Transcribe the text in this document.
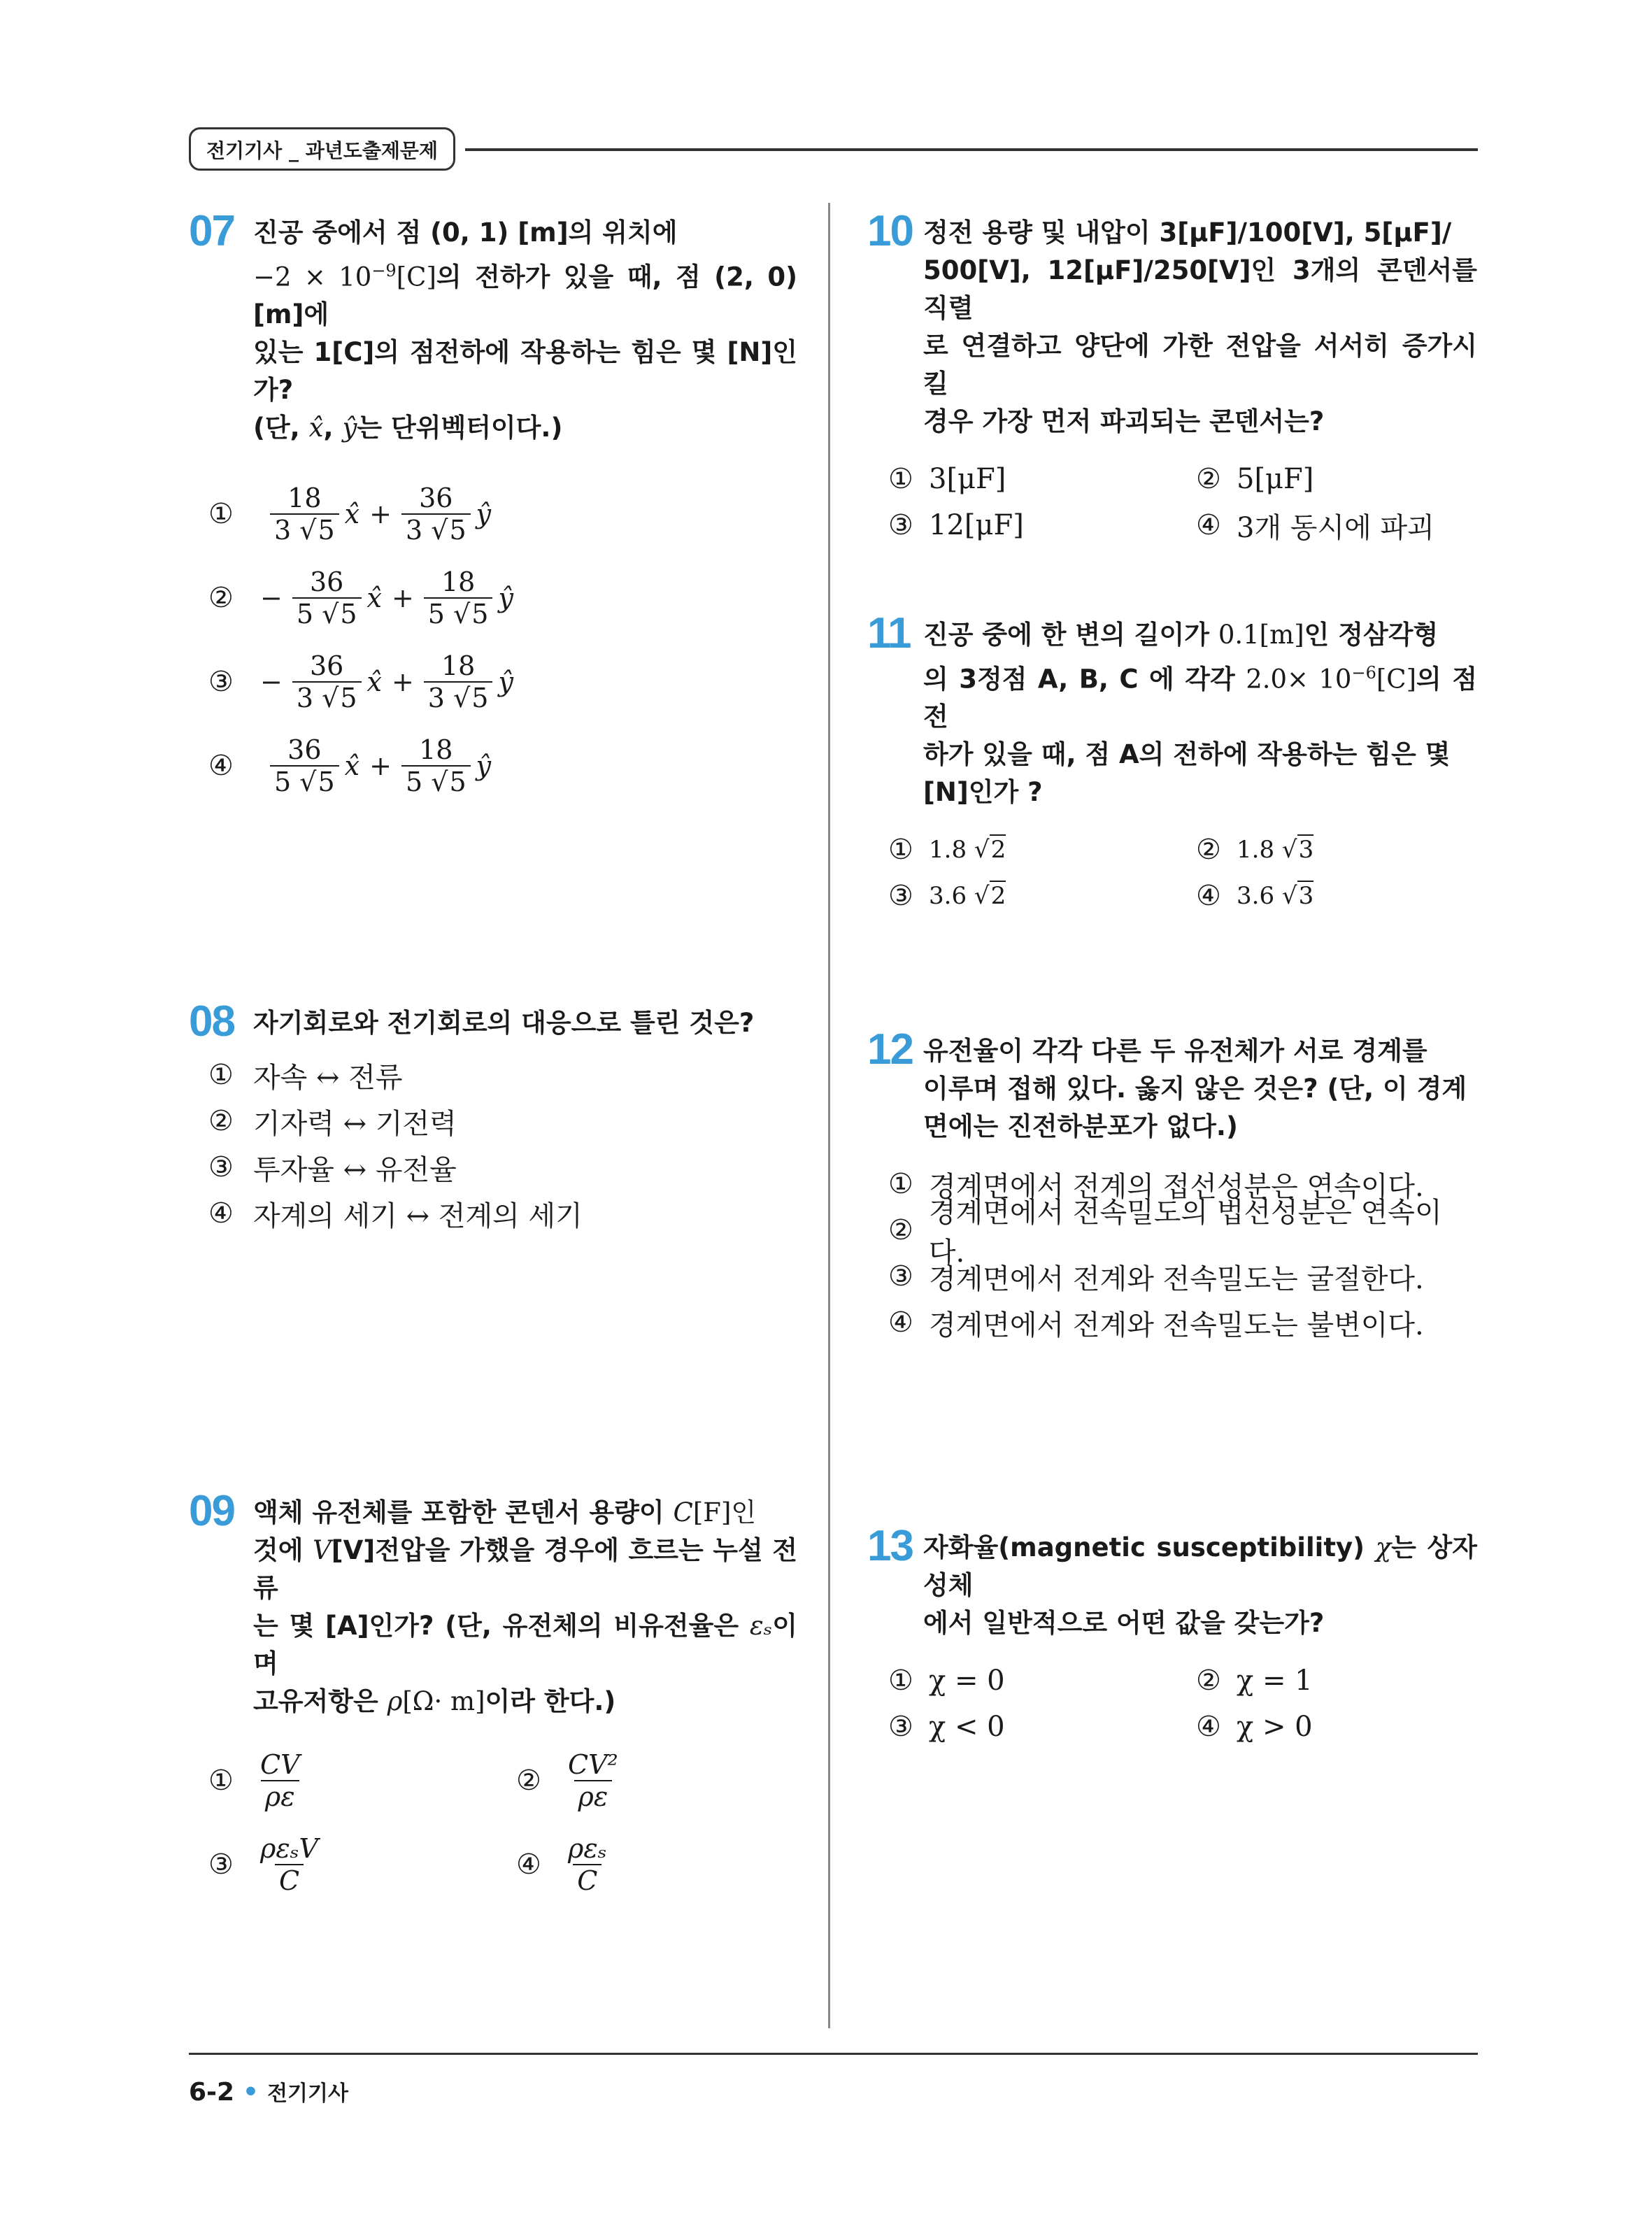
전기기사 _ 과년도출제문제
07 진공 중에서 점 (0, 1) [m]의 위치에
$-2 \times 10^{-9}[C]$의 전하가 있을 때, 점 (2, 0) [m]에
있는 1[C]의 점전하에 작용하는 힘은 몇 [N]인가?
(단, x̂, ŷ는 단위벡터이다.)
①	$\frac{18}{3 √5}$ x̂ + $\frac{36}{3 √5}$ ŷ
②	− $\frac{36}{5 √5}$ x̂ + $\frac{18}{5 √5}$ ŷ
③	− $\frac{36}{3 √5}$ x̂ + $\frac{18}{3 √5}$ ŷ
④	$\frac{36}{5 √5}$ x̂ + $\frac{18}{5 √5}$ ŷ
08 자기회로와 전기회로의 대응으로 틀린 것은?
① 자속 ↔ 전류
② 기자력 ↔ 기전력
③ 투자율 ↔ 유전율
④ 자계의 세기 ↔ 전계의 세기
09 액체 유전체를 포함한 콘덴서 용량이 C[F]인
것에 V[V]전압을 가했을 경우에 흐르는 누설 전류
는 몇 [A]인가? (단, 유전체의 비유전율은 εₛ이며
고유저항은 ρ[Ω· m]이라 한다.)
① $\frac{CV}{\rho\varepsilon}$	② $\frac{\text{CV²}}{\rho\varepsilon}$
③ $\frac{\text{ρεₛV}}{C}$	④ $\frac{\text{ρεₛ}}{C}$
10 정전 용량 및 내압이 3[μF]/100[V], 5[μF]/
500[V], 12[μF]/250[V]인 3개의 콘덴서를 직렬
로 연결하고 양단에 가한 전압을 서서히 증가시킬
경우 가장 먼저 파괴되는 콘덴서는?
① 3[μF]	② 5[μF]
③ 12[μF]	④ 3개 동시에 파괴
11 진공 중에 한 변의 길이가 0.1[m]인 정삼각형
의 3정점 A, B, C 에 각각 $2.0\times 10^{-6}[C]$의 점전
하가 있을 때, 점 A의 전하에 작용하는 힘은 몇
[N]인가 ?
① 1.8 √2	② 1.8 √3
③ 3.6 √2	④ 3.6 √3
12 유전율이 각각 다른 두 유전체가 서로 경계를
이루며 접해 있다. 옳지 않은 것은? (단, 이 경계
면에는 진전하분포가 없다.)
① 경계면에서 전계의 접선성분은 연속이다.
②
경계면에서 전속밀도의 법선성분은 연속이다.
③ 경계면에서 전계와 전속밀도는 굴절한다.
④ 경계면에서 전계와 전속밀도는 불변이다.
13 자화율(magnetic susceptibility) χ는 상자성체
에서 일반적으로 어떤 값을 갖는가?
① χ = 0	② χ = 1
③ χ < 0	④ χ > 0
6-2 • 전기기사
